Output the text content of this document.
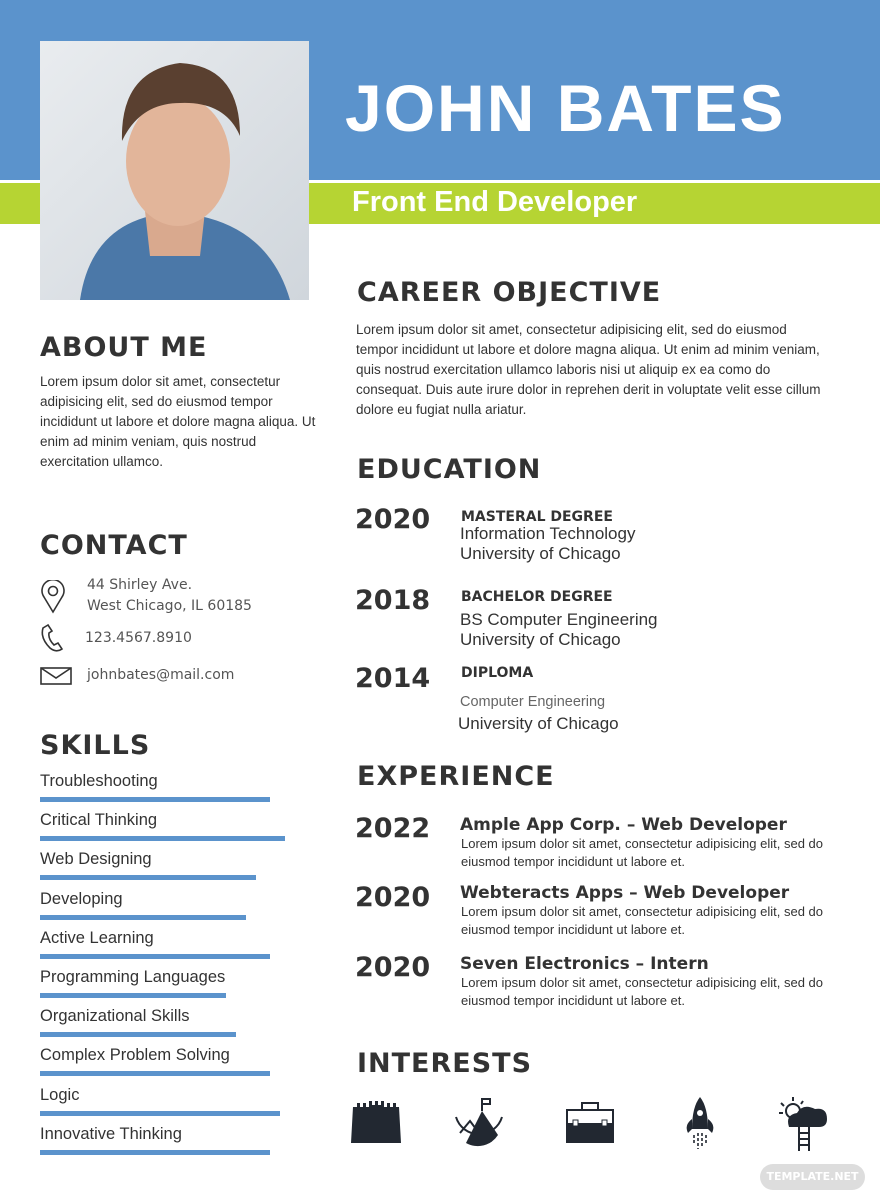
JOHN BATES
Front End Developer
ABOUT ME
Lorem ipsum dolor sit amet, consectetur adipisicing elit, sed do eiusmod tempor incididunt ut labore et dolore magna aliqua. Ut enim ad minim veniam, quis nostrud exercitation ullamco.
CONTACT
44 Shirley Ave.
West Chicago, IL 60185
123.4567.8910
johnbates@mail.com
SKILLS
Troubleshooting
Critical Thinking
Web Designing
Developing
Active Learning
Programming Languages
Organizational Skills
Complex Problem Solving
Logic
Innovative Thinking
CAREER OBJECTIVE
Lorem ipsum dolor sit amet, consectetur adipisicing elit, sed do eiusmod tempor incididunt ut labore et dolore magna aliqua. Ut enim ad minim veniam, quis nostrud exercitation ullamco laboris nisi ut aliquip ex ea como do consequat. Duis aute irure dolor in reprehen derit in voluptate velit esse cillum dolore eu fugiat nulla ariatur.
EDUCATION
2020 MASTERAL DEGREE
Information Technology
University of Chicago
2018 BACHELOR DEGREE
BS Computer Engineering
University of Chicago
2014 DIPLOMA
Computer Engineering
University of Chicago
EXPERIENCE
2022 Ample App Corp. – Web Developer
Lorem ipsum dolor sit amet, consectetur adipisicing elit, sed do eiusmod tempor incididunt ut labore et.
2020 Webteracts Apps – Web Developer
Lorem ipsum dolor sit amet, consectetur adipisicing elit, sed do eiusmod tempor incididunt ut labore et.
2020 Seven Electronics – Intern
Lorem ipsum dolor sit amet, consectetur adipisicing elit, sed do eiusmod tempor incididunt ut labore et.
INTERESTS
TEMPLATE.NET
